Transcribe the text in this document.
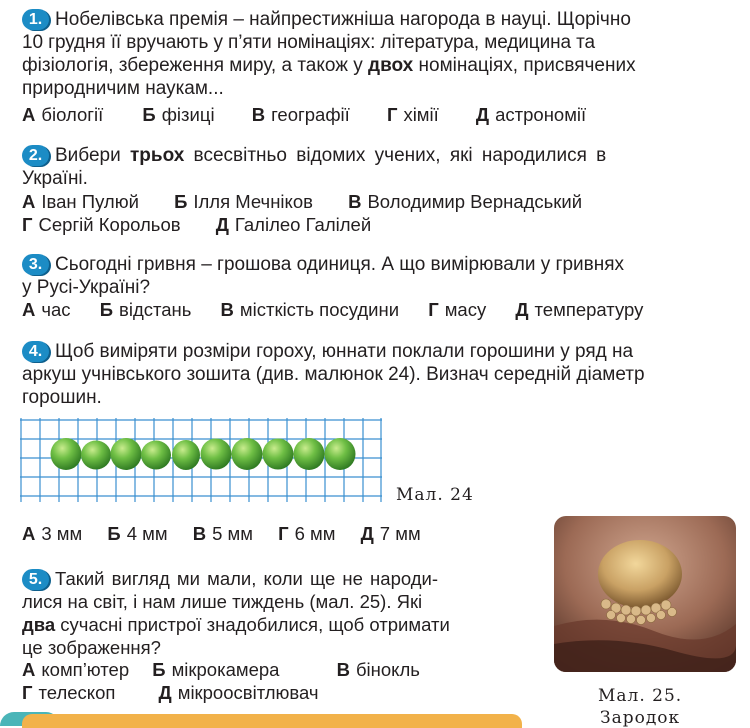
1. Нобелівська премія – найпрестижніша нагорода в науці. Щорічно
10 грудня її вручають у п’яти номінаціях: література, медицина та
фізіологія, збереження миру, а також у двох номінаціях, присвячених
природничим наукам...
А біології Б фізиці В географії Г хімії Д астрономії
2. Вибери трьох всесвітньо відомих учених, які народилися в
Україні.
А Іван Пулюй Б Ілля Мечніков В Володимир Вернадський
Г Сергій Корольов Д Галілео Галілей
3. Сьогодні гривня – грошова одиниця. А що вимірювали у гривнях
у Русі-Україні?
А час Б відстань В місткість посудини Г масу Д температуру
4. Щоб виміряти розміри гороху, юннати поклали горошини у ряд на
аркуш учнівського зошита (див. малюнок 24). Визнач середній діаметр
горошин.
Мал. 24
А 3 мм Б 4 мм В 5 мм Г 6 мм Д 7 мм
5. Такий вигляд ми мали, коли ще не народи-
лися на світ, і нам лише тиждень (мал. 25). Які
два сучасні пристрої знадобилися, щоб отримати
це зображення?
А комп’ютер Б мікрокамера	В бінокль
Г телескоп Д мікроосвітлювач	Мал. 25.
Зародок
